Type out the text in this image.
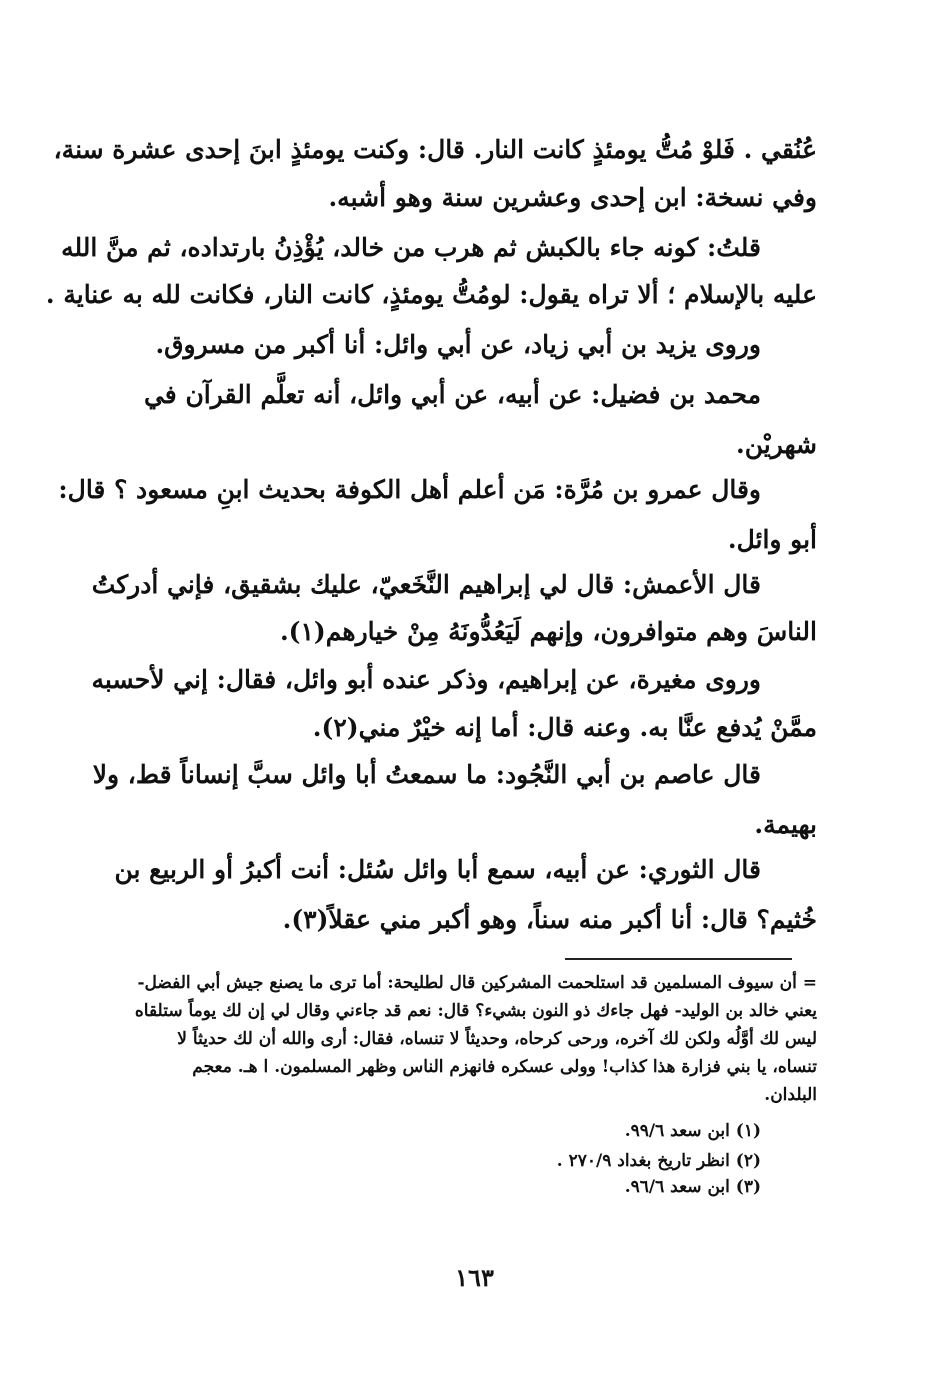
عُنُقي . فَلوْ مُتُّ يومئذٍ كانت النار. قال: وكنت يومئذٍ ابنَ إحدى عشرة سنة،
وفي نسخة: ابن إحدى وعشرين سنة وهو أشبه.
قلتُ: كونه جاء بالكبش ثم هرب من خالد، يُؤْذِنُ بارتداده، ثم منَّ الله
عليه بالإسلام ؛ ألا تراه يقول: لومُتُّ يومئذٍ، كانت النار، فكانت لله به عناية .
وروى يزيد بن أبي زياد، عن أبي وائل: أنا أكبر من مسروق.
محمد بن فضيل: عن أبيه، عن أبي وائل، أنه تعلَّم القرآن في
شهريْن.
وقال عمرو بن مُرَّة: مَن أعلم أهل الكوفة بحديث ابنِ مسعود ؟ قال:
أبو وائل.
قال الأعمش: قال لي إبراهيم النَّخَعيّ، عليك بشقيق، فإني أدركتُ
الناسَ وهم متوافرون، وإنهم لَيَعُدُّونَهُ مِنْ خيارهم(١).
وروى مغيرة، عن إبراهيم، وذكر عنده أبو وائل، فقال: إني لأحسبه
ممَّنْ يُدفع عنَّا به. وعنه قال: أما إنه خيْرٌ مني(٢).
قال عاصم بن أبي النَّجُود: ما سمعتُ أبا وائل سبَّ إنساناً قط، ولا
بهيمة.
قال الثوري: عن أبيه، سمع أبا وائل سُئل: أنت أكبرُ أو الربيع بن
خُثيم؟ قال: أنا أكبر منه سناً، وهو أكبر مني عقلاً(٣).
= أن سيوف المسلمين قد استلحمت المشركين قال لطليحة: أما ترى ما يصنع جيش أبي الفضل-
يعني خالد بن الوليد- فهل جاءك ذو النون بشيء؟ قال: نعم قد جاءني وقال لي إن لك يوماً ستلقاه
ليس لك أوَّلُه ولكن لك آخره، ورحى كرحاه، وحديثاً لا تنساه، فقال: أرى والله أن لك حديثاً لا
تنساه، يا بني فزارة هذا كذاب! وولى عسكره فانهزم الناس وظهر المسلمون. ا هـ. معجم
البلدان.
(١) ابن سعد ٩٩/٦.
(٢) انظر تاريخ بغداد ٢٧٠/٩ .
(٣) ابن سعد ٩٦/٦.
١٦٣
